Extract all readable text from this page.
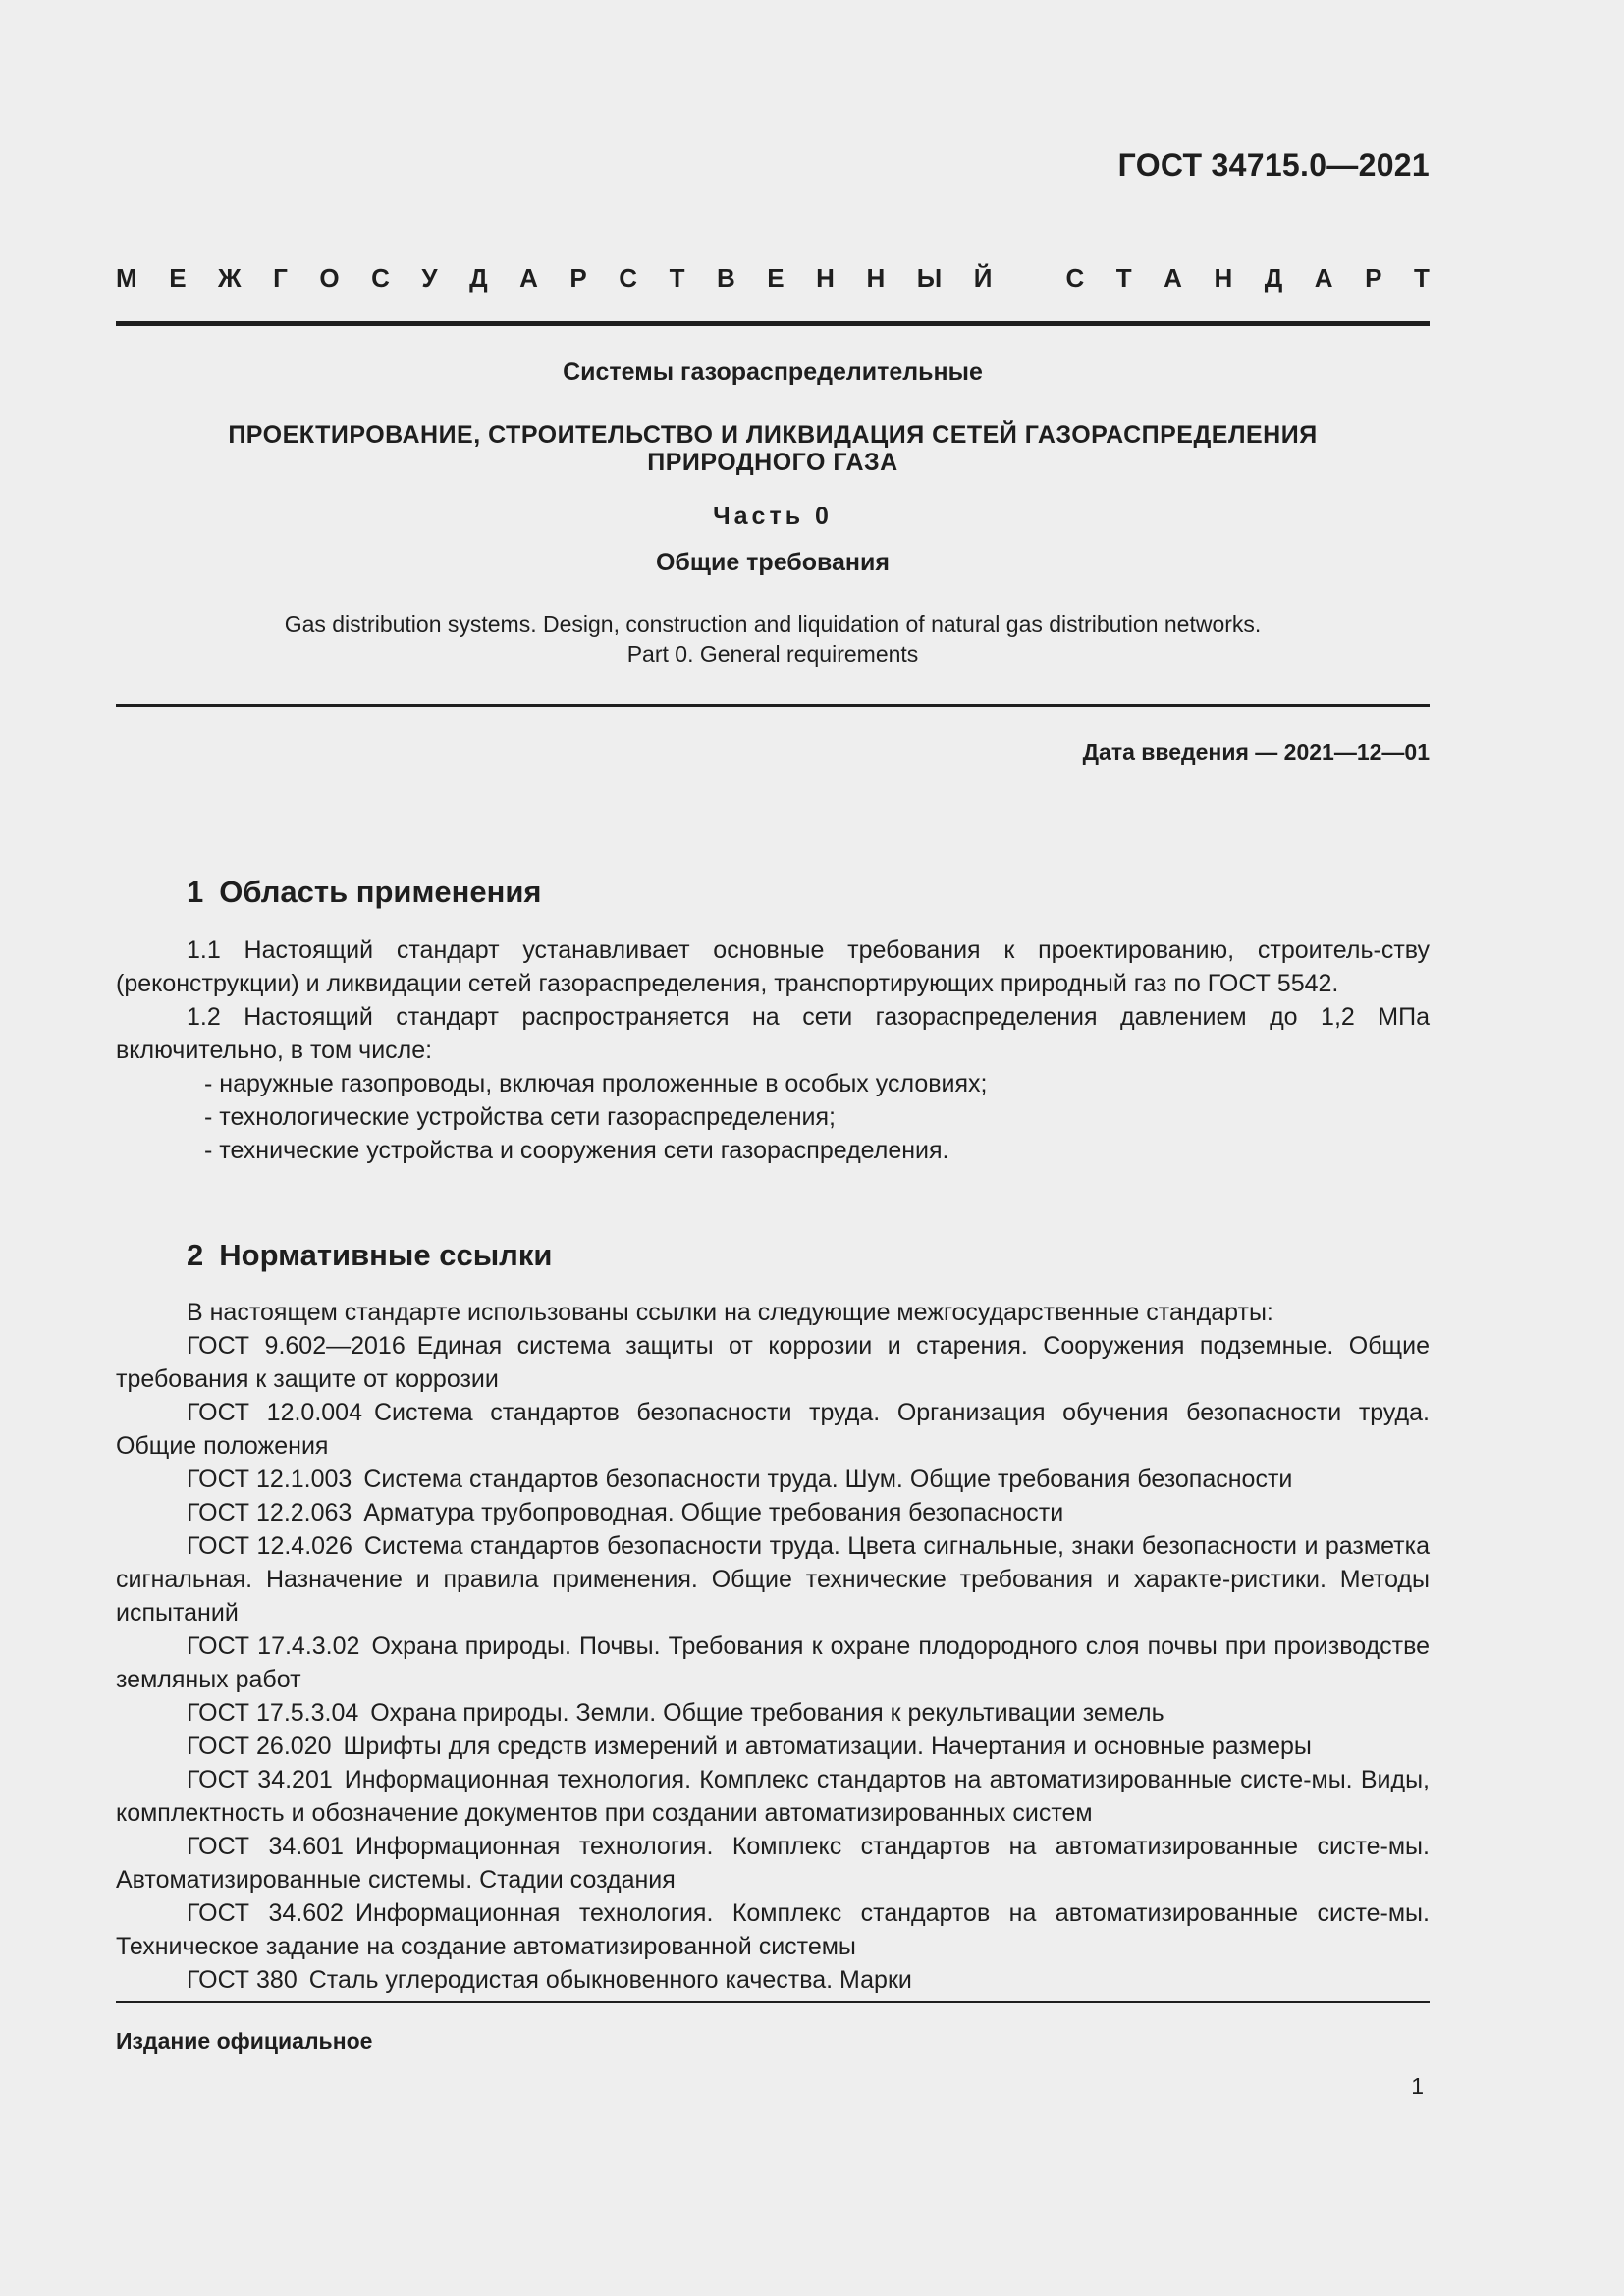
ГОСТ 34715.0—2021
М Е Ж Г О С У Д А Р С Т В Е Н Н Ы Й	С Т А Н Д А Р Т
Системы газораспределительные
ПРОЕКТИРОВАНИЕ, СТРОИТЕЛЬСТВО И ЛИКВИДАЦИЯ СЕТЕЙ ГАЗОРАСПРЕДЕЛЕНИЯ
ПРИРОДНОГО ГАЗА
Часть 0
Общие требования
Gas distribution systems. Design, construction and liquidation of natural gas distribution networks.
Part 0. General requirements
Дата введения — 2021—12—01
1 Область применения

1.1 Настоящий стандарт устанавливает основные требования к проектированию, строитель-ству (реконструкции) и ликвидации сетей газораспределения, транспортирующих природный газ по ГОСТ 5542.

1.2 Настоящий стандарт распространяется на сети газораспределения давлением до 1,2 МПа включительно, в том числе:

- наружные газопроводы, включая проложенные в особых условиях;

- технологические устройства сети газораспределения;

- технические устройства и сооружения сети газораспределения.

2 Нормативные ссылки

В настоящем стандарте использованы ссылки на следующие межгосударственные стандарты:

ГОСТ 9.602—2016 Единая система защиты от коррозии и старения. Сооружения подземные. Общие требования к защите от коррозии

ГОСТ 12.0.004 Система стандартов безопасности труда. Организация обучения безопасности труда. Общие положения

ГОСТ 12.1.003 Система стандартов безопасности труда. Шум. Общие требования безопасности

ГОСТ 12.2.063 Арматура трубопроводная. Общие требования безопасности

ГОСТ 12.4.026 Система стандартов безопасности труда. Цвета сигнальные, знаки безопасности и разметка сигнальная. Назначение и правила применения. Общие технические требования и характе-ристики. Методы испытаний

ГОСТ 17.4.3.02 Охрана природы. Почвы. Требования к охране плодородного слоя почвы при производстве земляных работ

ГОСТ 17.5.3.04 Охрана природы. Земли. Общие требования к рекультивации земель

ГОСТ 26.020 Шрифты для средств измерений и автоматизации. Начертания и основные размеры

ГОСТ 34.201 Информационная технология. Комплекс стандартов на автоматизированные систе-мы. Виды, комплектность и обозначение документов при создании автоматизированных систем

ГОСТ 34.601 Информационная технология. Комплекс стандартов на автоматизированные систе-мы. Автоматизированные системы. Стадии создания

ГОСТ 34.602 Информационная технология. Комплекс стандартов на автоматизированные систе-мы. Техническое задание на создание автоматизированной системы

ГОСТ 380 Сталь углеродистая обыкновенного качества. Марки

Издание официальное
1
